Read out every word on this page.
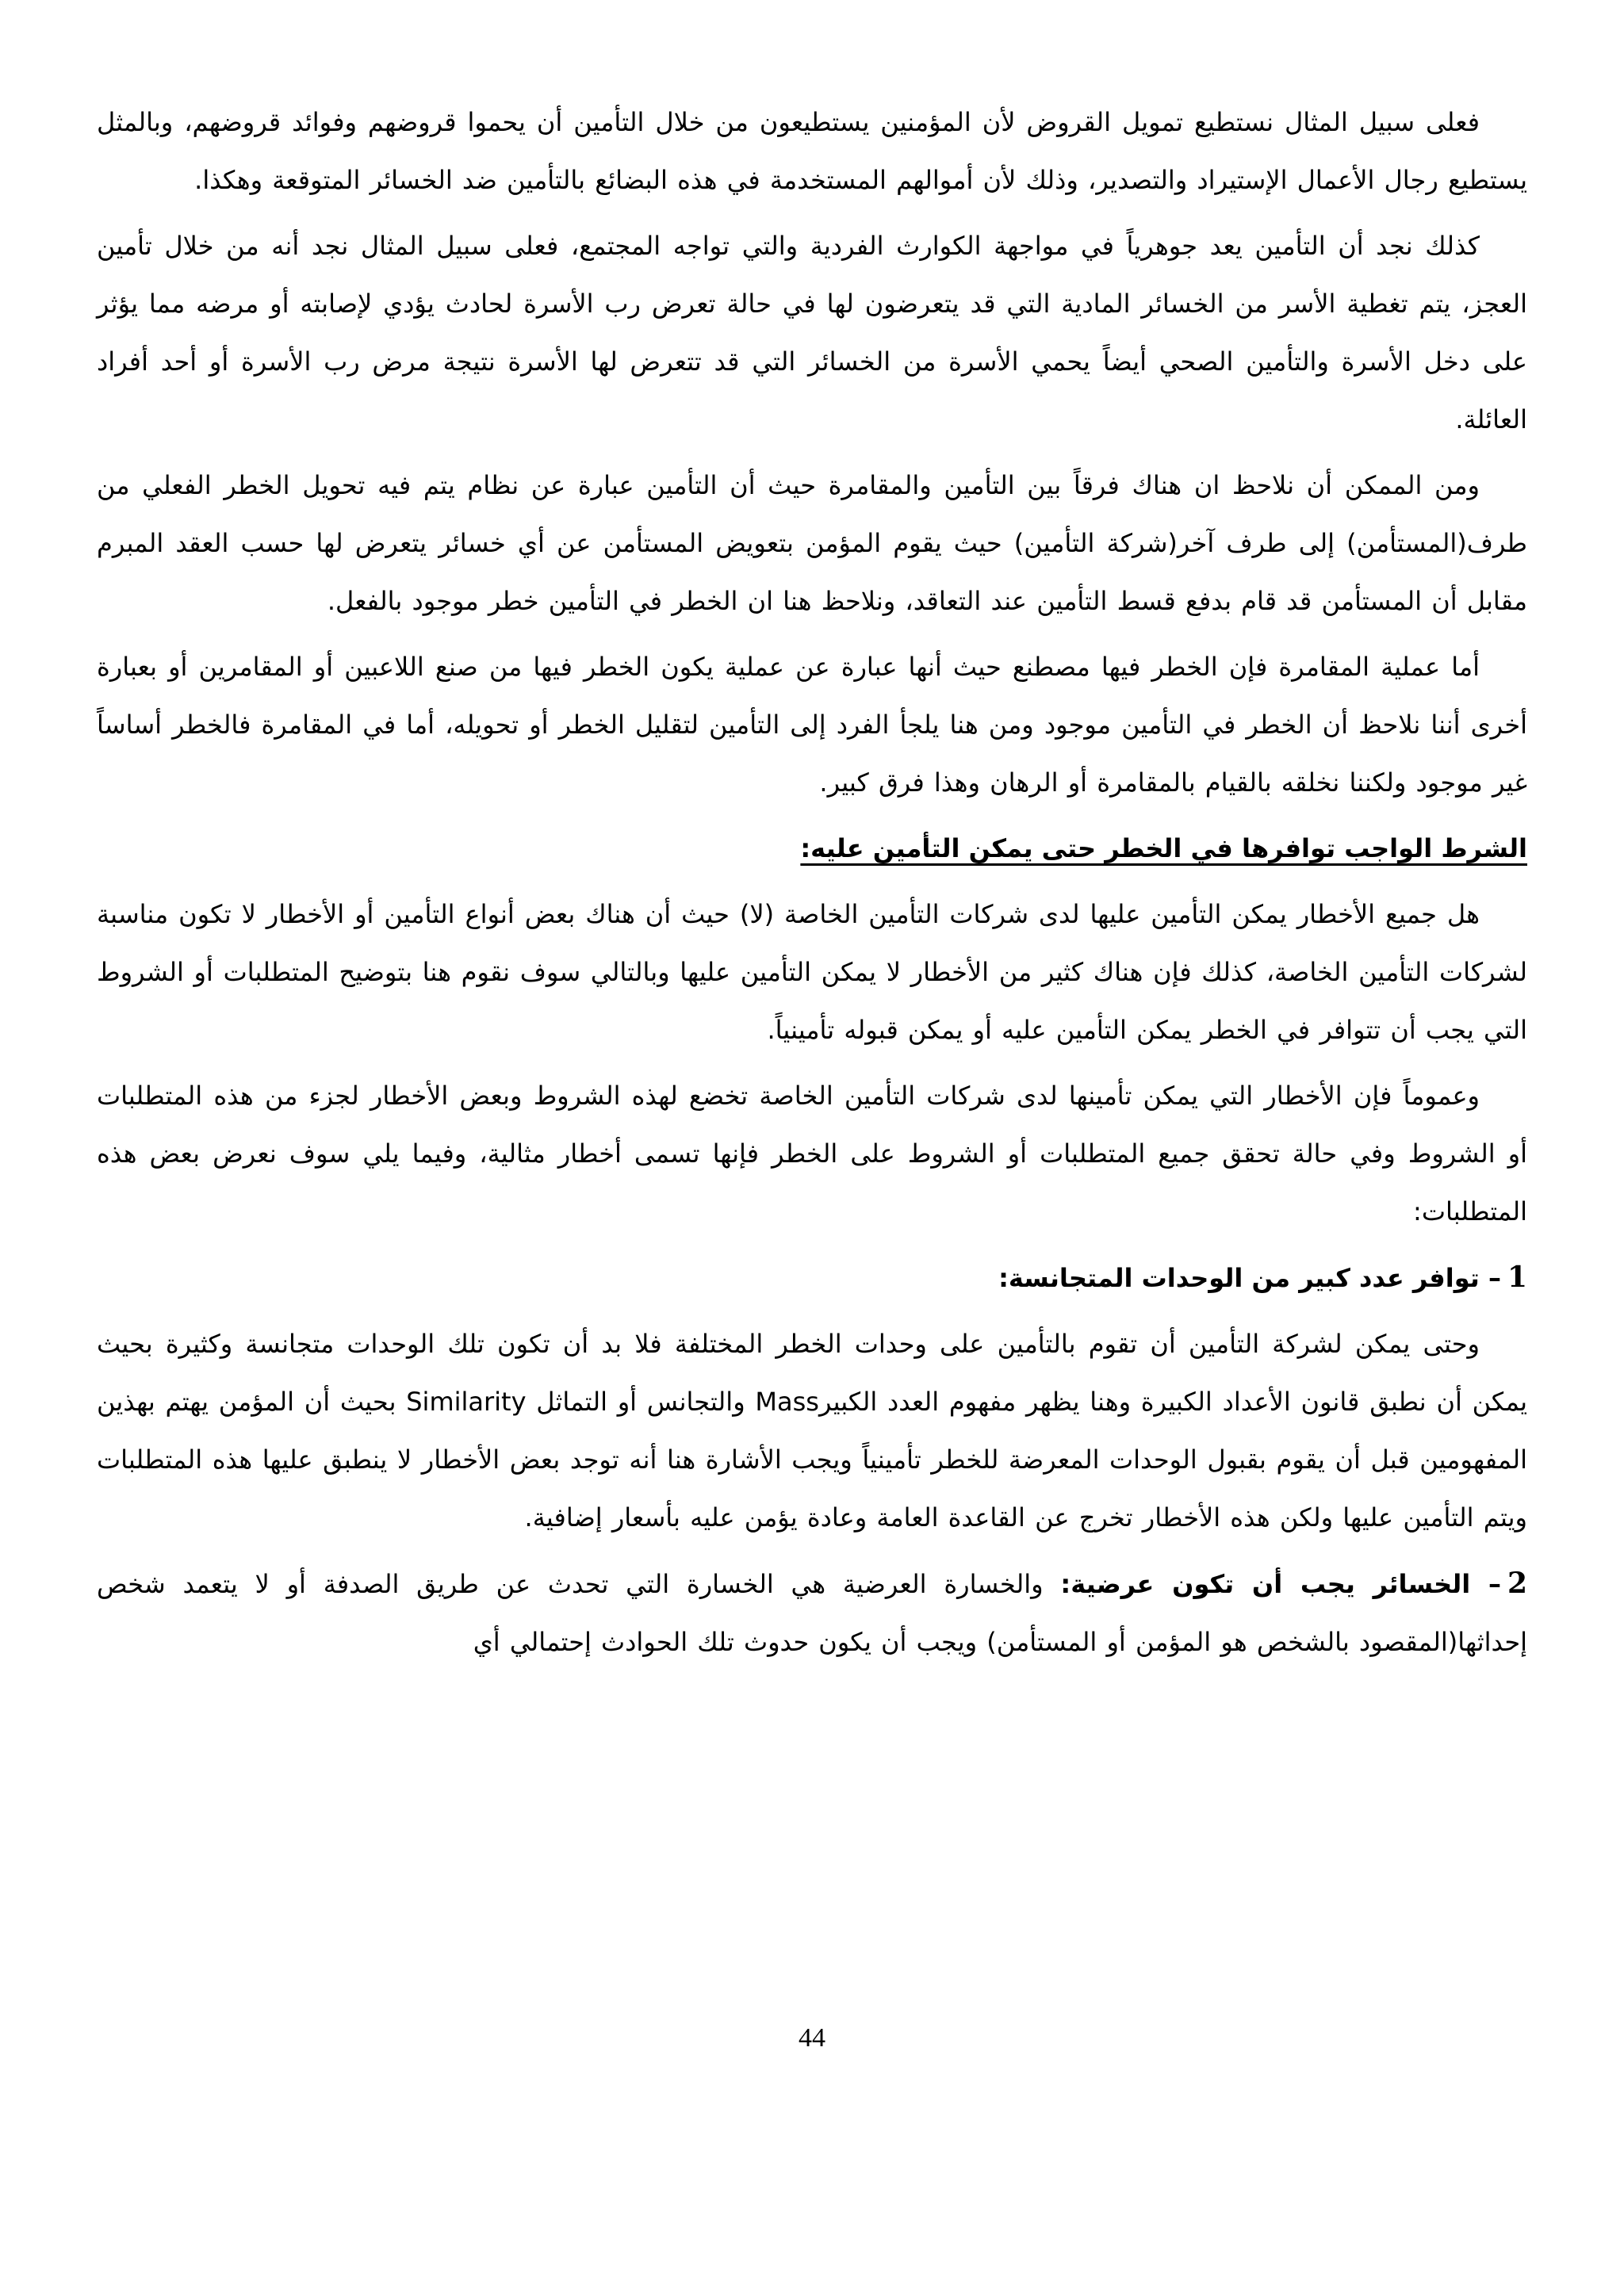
فعلى سبيل المثال نستطيع تمويل القروض لأن المؤمنين يستطيعون من خلال التأمين أن يحموا قروضهم وفوائد قروضهم، وبالمثل يستطيع رجال الأعمال الإستيراد والتصدير، وذلك لأن أموالهم المستخدمة في هذه البضائع بالتأمين ضد الخسائر المتوقعة وهكذا.

كذلك نجد أن التأمين يعد جوهرياً في مواجهة الكوارث الفردية والتي تواجه المجتمع، فعلى سبيل المثال نجد أنه من خلال تأمين العجز، يتم تغطية الأسر من الخسائر المادية التي قد يتعرضون لها في حالة تعرض رب الأسرة لحادث يؤدي لإصابته أو مرضه مما يؤثر على دخل الأسرة والتأمين الصحي أيضاً يحمي الأسرة من الخسائر التي قد تتعرض لها الأسرة نتيجة مرض رب الأسرة أو أحد أفراد العائلة.

ومن الممكن أن نلاحظ ان هناك فرقاً بين التأمين والمقامرة حيث أن التأمين عبارة عن نظام يتم فيه تحويل الخطر الفعلي من طرف(المستأمن) إلى طرف آخر(شركة التأمين) حيث يقوم المؤمن بتعويض المستأمن عن أي خسائر يتعرض لها حسب العقد المبرم مقابل أن المستأمن قد قام بدفع قسط التأمين عند التعاقد، ونلاحظ هنا ان الخطر في التأمين خطر موجود بالفعل.

أما عملية المقامرة فإن الخطر فيها مصطنع حيث أنها عبارة عن عملية يكون الخطر فيها من صنع اللاعبين أو المقامرين أو بعبارة أخرى أننا نلاحظ أن الخطر في التأمين موجود ومن هنا يلجأ الفرد إلى التأمين لتقليل الخطر أو تحويله، أما في المقامرة فالخطر أساساً غير موجود ولكننا نخلقه بالقيام بالمقامرة أو الرهان وهذا فرق كبير.

الشرط الواجب توافرها في الخطر حتى يمكن التأمين عليه:

هل جميع الأخطار يمكن التأمين عليها لدى شركات التأمين الخاصة (لا) حيث أن هناك بعض أنواع التأمين أو الأخطار لا تكون مناسبة لشركات التأمين الخاصة، كذلك فإن هناك كثير من الأخطار لا يمكن التأمين عليها وبالتالي سوف نقوم هنا بتوضيح المتطلبات أو الشروط التي يجب أن تتوافر في الخطر يمكن التأمين عليه أو يمكن قبوله تأمينياً.

وعموماً فإن الأخطار التي يمكن تأمينها لدى شركات التأمين الخاصة تخضع لهذه الشروط وبعض الأخطار لجزء من هذه المتطلبات أو الشروط وفي حالة تحقق جميع المتطلبات أو الشروط على الخطر فإنها تسمى أخطار مثالية، وفيما يلي سوف نعرض بعض هذه المتطلبات:

1– توافر عدد كبير من الوحدات المتجانسة:

وحتى يمكن لشركة التأمين أن تقوم بالتأمين على وحدات الخطر المختلفة فلا بد أن تكون تلك الوحدات متجانسة وكثيرة بحيث يمكن أن نطبق قانون الأعداد الكبيرة وهنا يظهر مفهوم العدد الكبيرMass والتجانس أو التماثل Similarity بحيث أن المؤمن يهتم بهذين المفهومين قبل أن يقوم بقبول الوحدات المعرضة للخطر تأمينياً ويجب الأشارة هنا أنه توجد بعض الأخطار لا ينطبق عليها هذه المتطلبات ويتم التأمين عليها ولكن هذه الأخطار تخرج عن القاعدة العامة وعادة يؤمن عليه بأسعار إضافية.

2– الخسائر يجب أن تكون عرضية: والخسارة العرضية هي الخسارة التي تحدث عن طريق الصدفة أو لا يتعمد شخص إحداثها(المقصود بالشخص هو المؤمن أو المستأمن) ويجب أن يكون حدوث تلك الحوادث إحتمالي أي

44
